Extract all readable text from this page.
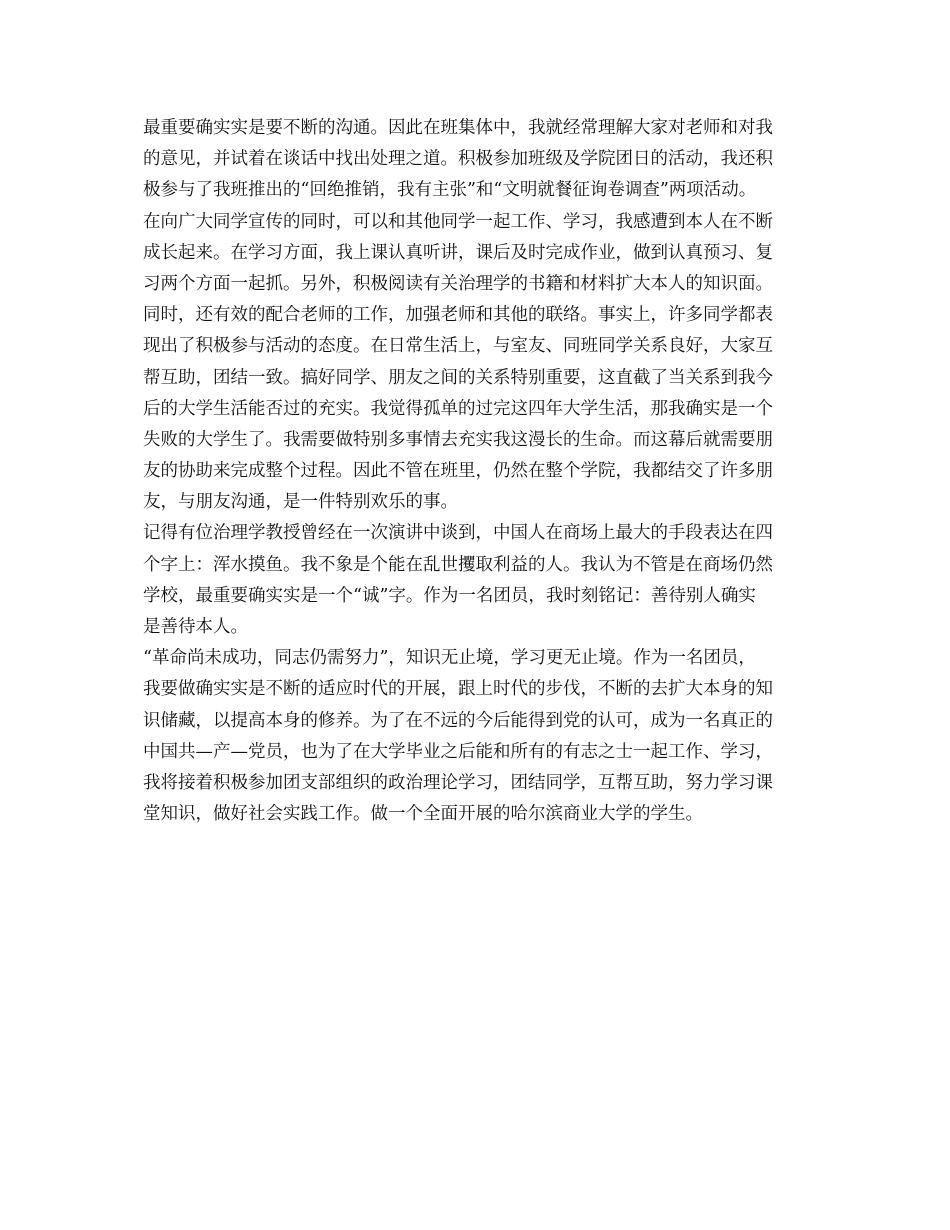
最重要确实实是要不断的沟通。因此在班集体中，我就经常理解大家对老师和对我
的意见，并试着在谈话中找出处理之道。积极参加班级及学院团日的活动，我还积
极参与了我班推出的“回绝推销，我有主张”和“文明就餐征询卷调查”两项活动。
在向广大同学宣传的同时，可以和其他同学一起工作、学习，我感遭到本人在不断
成长起来。在学习方面，我上课认真听讲，课后及时完成作业，做到认真预习、复
习两个方面一起抓。另外，积极阅读有关治理学的书籍和材料扩大本人的知识面。
同时，还有效的配合老师的工作，加强老师和其他的联络。事实上，许多同学都表
现出了积极参与活动的态度。在日常生活上，与室友、同班同学关系良好，大家互
帮互助，团结一致。搞好同学、朋友之间的关系特别重要，这直截了当关系到我今
后的大学生活能否过的充实。我觉得孤单的过完这四年大学生活，那我确实是一个
失败的大学生了。我需要做特别多事情去充实我这漫长的生命。而这幕后就需要朋
友的协助来完成整个过程。因此不管在班里，仍然在整个学院，我都结交了许多朋
友，与朋友沟通，是一件特别欢乐的事。
记得有位治理学教授曾经在一次演讲中谈到，中国人在商场上最大的手段表达在四
个字上：浑水摸鱼。我不象是个能在乱世攫取利益的人。我认为不管是在商场仍然
学校，最重要确实实是一个“诚”字。作为一名团员，我时刻铭记：善待别人确实
是善待本人。
“革命尚未成功，同志仍需努力”，知识无止境，学习更无止境。作为一名团员，
我要做确实实是不断的适应时代的开展，跟上时代的步伐，不断的去扩大本身的知
识储藏，以提高本身的修养。为了在不远的今后能得到党的认可，成为一名真正的
中国共—产—党员，也为了在大学毕业之后能和所有的有志之士一起工作、学习，
我将接着积极参加团支部组织的政治理论学习，团结同学，互帮互助，努力学习课
堂知识，做好社会实践工作。做一个全面开展的哈尔滨商业大学的学生。
